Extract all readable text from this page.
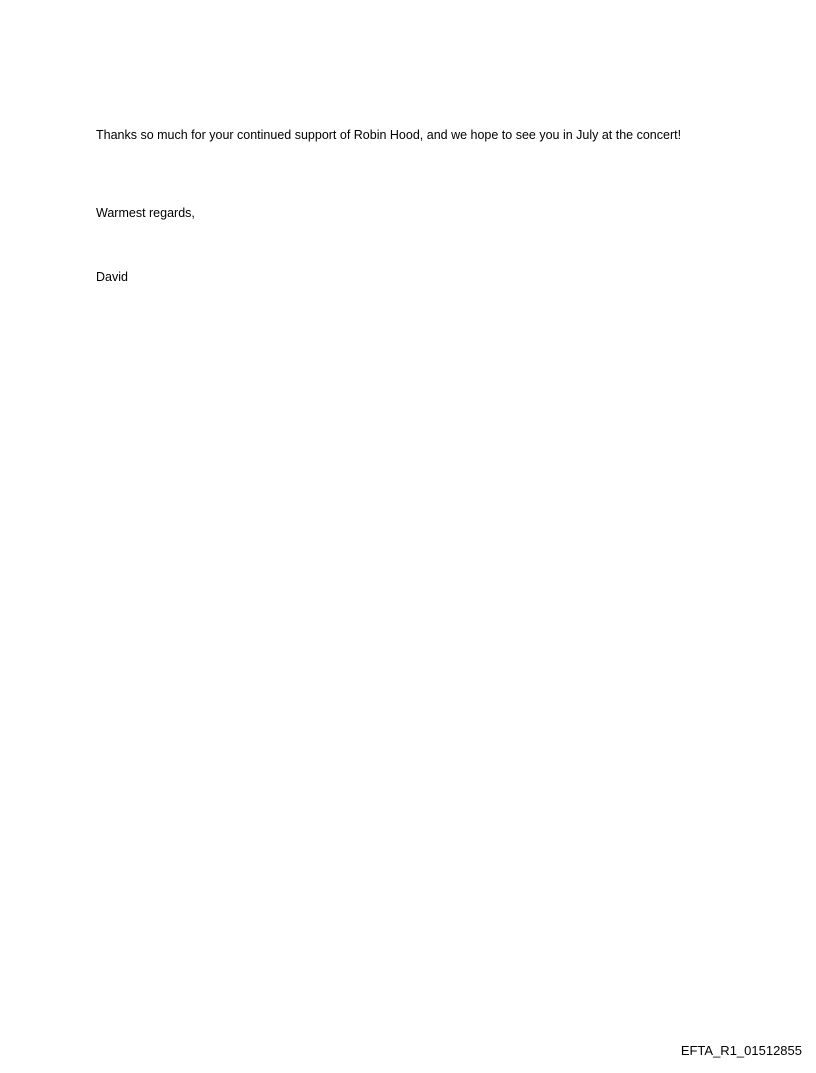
Thanks so much for your continued support of Robin Hood, and we hope to see you in July at the concert!

Warmest regards,

David

EFTA_R1_01512855
